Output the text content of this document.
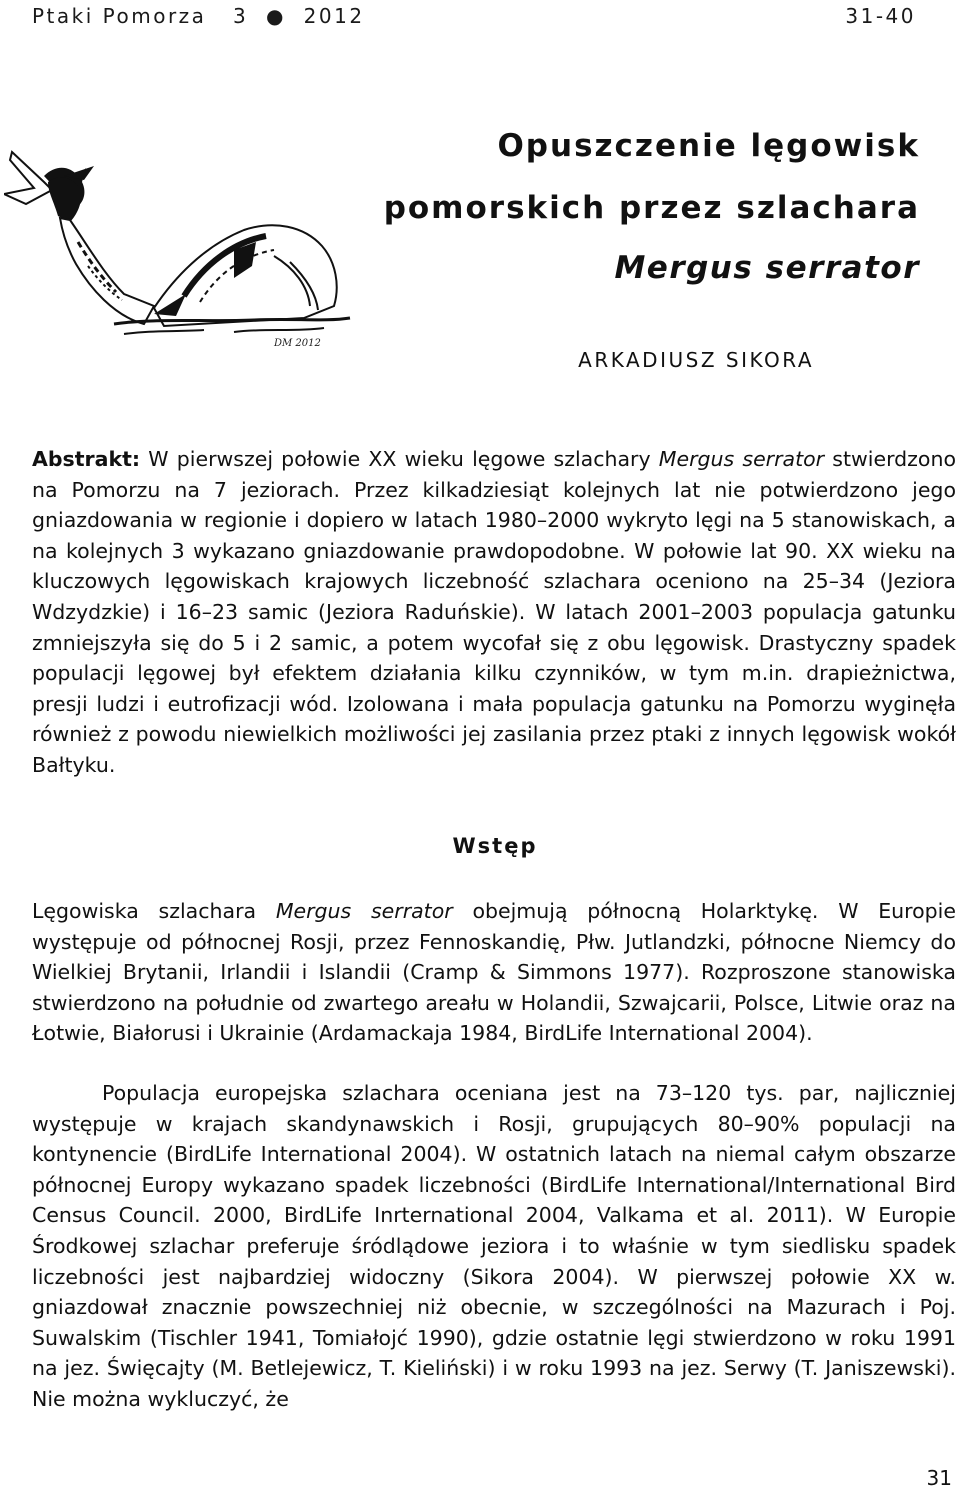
Ptaki Pomorza 3 ● 2012	31-40
DM 2012
Opuszczenie lęgowisk
pomorskich przez szlachara
Mergus serrator
ARKADIUSZ SIKORA

Abstrakt: W pierwszej połowie XX wieku lęgowe szlachary Mergus serrator stwierdzono na Pomorzu na 7 jeziorach. Przez kilkadziesiąt kolejnych lat nie potwierdzono jego gniazdowania w regionie i dopiero w latach 1980–2000 wykryto lęgi na 5 stanowiskach, a na kolejnych 3 wykazano gniazdowanie prawdopodobne. W połowie lat 90. XX wieku na kluczowych lęgowiskach krajowych liczebność szlachara oceniono na 25–34 (Jeziora Wdzydzkie) i 16–23 samic (Jeziora Raduńskie). W latach 2001–2003 populacja gatunku zmniejszyła się do 5 i 2 samic, a potem wycofał się z obu lęgowisk. Drastyczny spadek populacji lęgowej był efektem działania kilku czynników, w tym m.in. drapieżnictwa, presji ludzi i eutrofizacji wód. Izolowana i mała populacja gatunku na Pomorzu wyginęła również z powodu niewielkich możliwości jej zasilania przez ptaki z innych lęgowisk wokół Bałtyku.

Wstęp

Lęgowiska szlachara Mergus serrator obejmują północną Holarktykę. W Europie występuje od północnej Rosji, przez Fennoskandię, Płw. Jutlandzki, północne Niemcy do Wielkiej Brytanii, Irlandii i Islandii (Cramp & Simmons 1977). Rozproszone stanowiska stwierdzono na południe od zwartego areału w Holandii, Szwajcarii, Polsce, Litwie oraz na Łotwie, Białorusi i Ukrainie (Ardamackaja 1984, BirdLife International 2004).

Populacja europejska szlachara oceniana jest na 73–120 tys. par, najliczniej występuje w krajach skandynawskich i Rosji, grupujących 80–90% populacji na kontynencie (BirdLife International 2004). W ostatnich latach na niemal całym obszarze północnej Europy wykazano spadek liczebności (BirdLife International/International Bird Census Council. 2000, BirdLife Inrternational 2004, Valkama et al. 2011). W Europie Środkowej szlachar preferuje śródlądowe jeziora i to właśnie w tym siedlisku spadek liczebności jest najbardziej widoczny (Sikora 2004). W pierwszej połowie XX w. gniazdował znacznie powszechniej niż obecnie, w szczególności na Mazurach i Poj. Suwalskim (Tischler 1941, Tomiałojć 1990), gdzie ostatnie lęgi stwierdzono w roku 1991 na jez. Święcajty (M. Betlejewicz, T. Kieliński) i w roku 1993 na jez. Serwy (T. Janiszewski). Nie można wykluczyć, że

31
